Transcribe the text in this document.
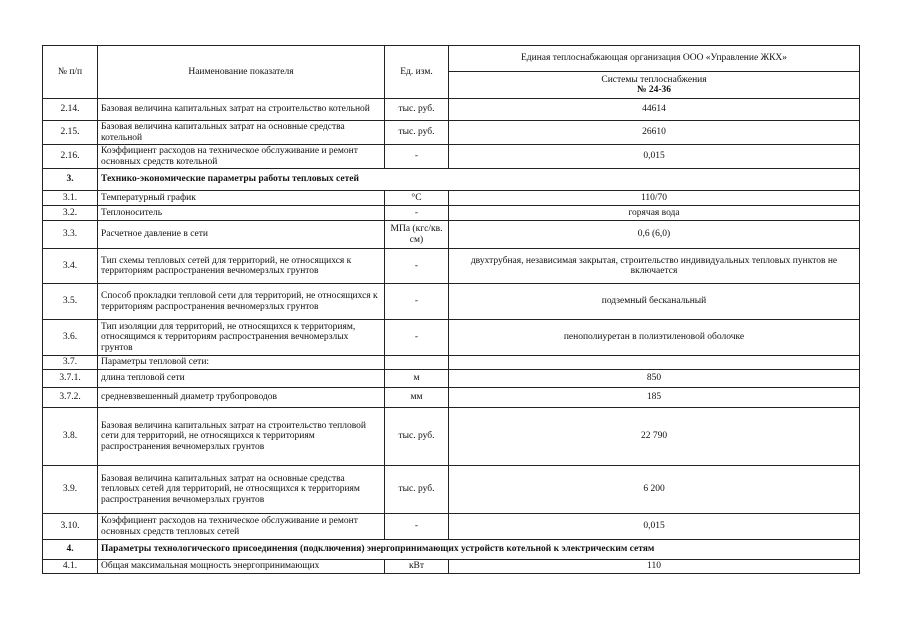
№ п/п	Наименование показателя	Ед. изм.	Единая теплоснабжающая организация ООО «Управление ЖКХ»

			Системы теплоснабжения
№ 24-36

2.14.	Базовая величина капитальных затрат на строительство котельной	тыс. руб.	44614
2.15.	Базовая величина капитальных затрат на основные средства котельной	тыс. руб.	26610
2.16.	Коэффициент расходов на техническое обслуживание и ремонт основных средств котельной	-	0,015
3.	Технико-экономические параметры работы тепловых сетей		
3.1.	Температурный график	°С	110/70
3.2.	Теплоноситель	-	горячая вода
3.3.	Расчетное давление в сети	МПа (кгс/кв. см)	0,6 (6,0)
3.4.	Тип схемы тепловых сетей для территорий, не относящихся к территориям распространения вечномерзлых грунтов	-	двухтрубная, независимая закрытая, строительство индивидуальных тепловых пунктов не включается
3.5.	Способ прокладки тепловой сети для территорий, не относящихся к территориям распространения вечномерзлых грунтов	-	подземный бесканальный
3.6.	Тип изоляции для территорий, не относящихся к территориям, относящимся к территориям распространения вечномерзлых грунтов	-	пенополиуретан в полиэтиленовой оболочке
3.7.	Параметры тепловой сети:		
3.7.1.	длина тепловой сети	м	850
3.7.2.	средневзвешенный диаметр трубопроводов	мм	185
3.8.	Базовая величина капитальных затрат на строительство тепловой сети для территорий, не относящихся к территориям распространения вечномерзлых грунтов	тыс. руб.	22 790
3.9.	Базовая величина капитальных затрат на основные средства тепловых сетей для территорий, не относящихся к территориям распространения вечномерзлых грунтов	тыс. руб.	6 200
3.10.	Коэффициент расходов на техническое обслуживание и ремонт основных средств тепловых сетей	-	0,015
4.	Параметры технологического присоединения (подключения) энергопринимающих устройств котельной к электрическим сетям		
4.1.	Общая максимальная мощность энергопринимающих	кВт	110
